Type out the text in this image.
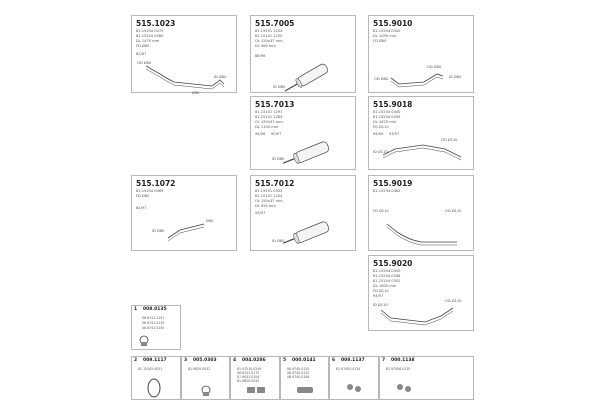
515.1023
81.15204 0070
81.15204 0069
DL 1470 mm
FD Ø80
82/87
OD Ø80
ID Ø80
Ø80
515.7005
81.15101 1254
81.15101 1250
OL 120x37 mm
DL 960 mm
88/96
ID Ø80
515.9010
81.15204 0300
DL 1090 mm
FD Ø80
OD Ø80
OD Ø80
ID Ø80
515.7013
81.15101 1291
81.15101 1284
OL 150x37 mm
DL 1100 mm
94/96 90/97
ID Ø80
515.9018
81.15204 0440
81.15204 0349
DL 1870 mm
FD Ø110
94/99 93/97
OD Ø110
ID Ø110
515.1072
81.15204 0069
FD Ø80
84/97
ID Ø80
Ø80
515.7012
81.15101 0352
81.15101 1204
OL 150x37 mm
DL 950 mm
93/97
ID Ø80
515.9019
81.15234.0462
FD Ø110	OD Ø110
515.9020
81.15204 0450
81.15204 0348
81.15204 0352
DL 1600 mm
FD Ø110
94/97
OD Ø110
ID Ø110
1 008.0135
06.6741.2151
06.6741.0110
06.6741.0150
2 009.1117
81.15205.0051
3 005.0303
81.9820.0032
4 004.0286
81.97010.0249
06.6741.0170
07.9041.0104
81.9820.0032
5 000.0141
06.9740.0120
06.9740.0132
06.9740.0146
6 008.1137
81.97405.0134
7 000.1138
81.97406.0120
